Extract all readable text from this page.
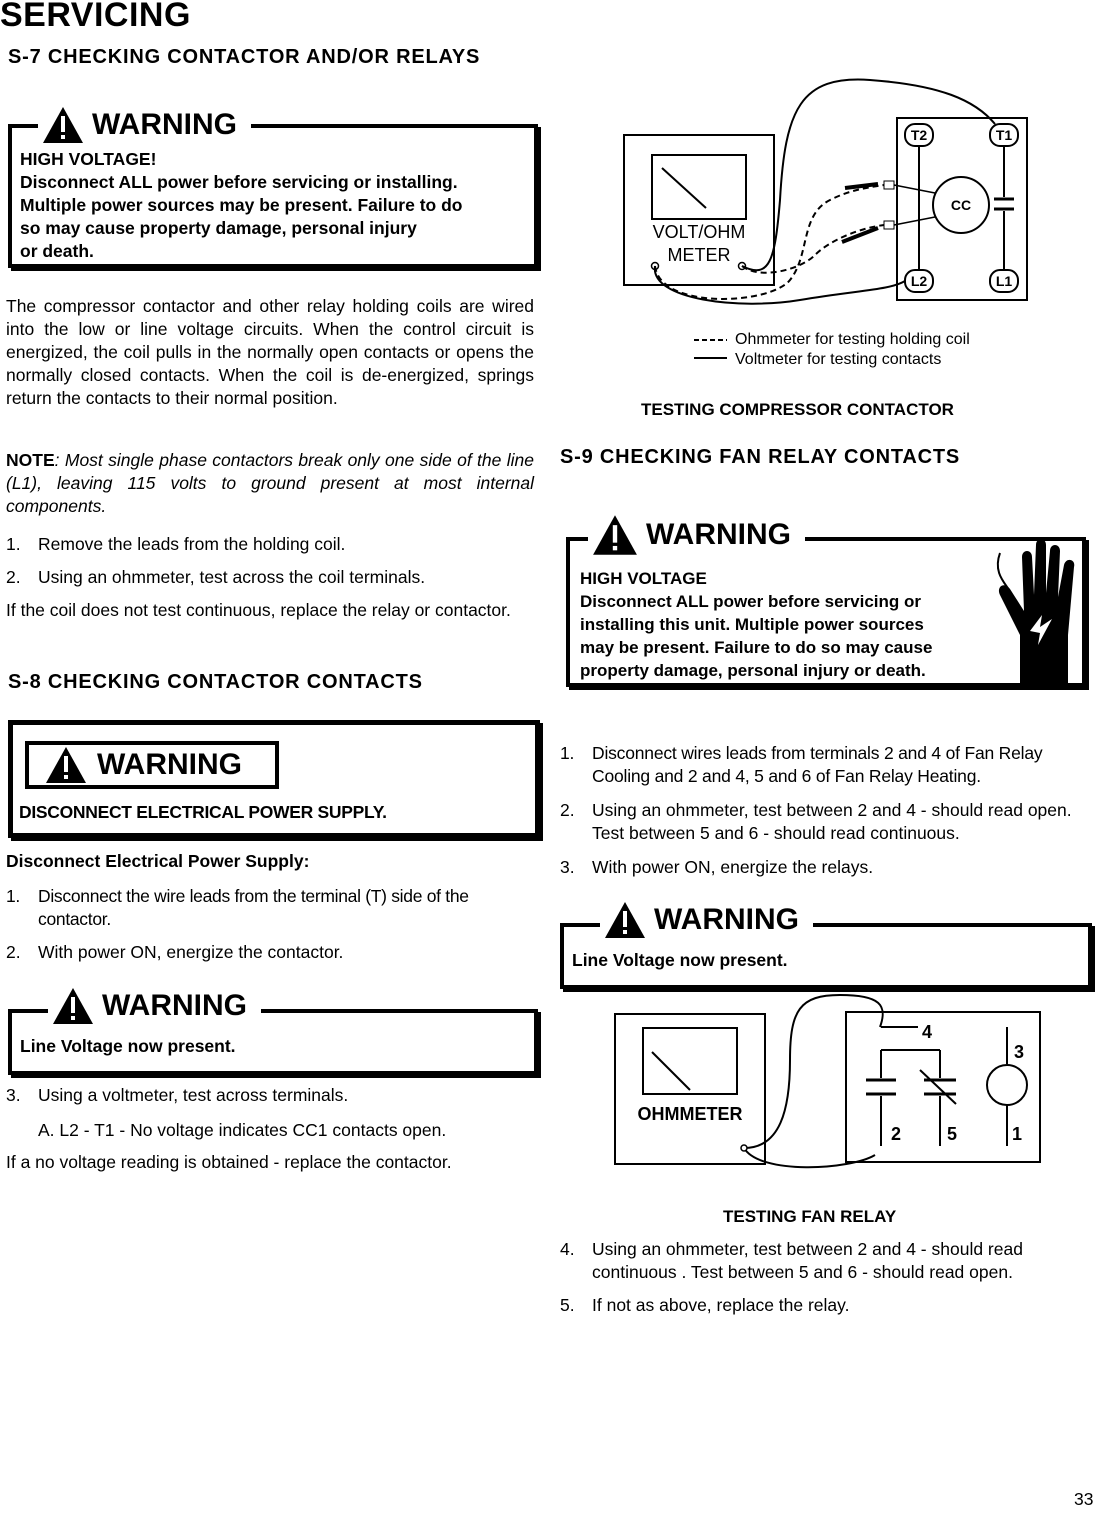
SERVICING
S-7 CHECKING CONTACTOR AND/OR RELAYS
WARNING
HIGH VOLTAGE!
Disconnect ALL power before servicing or installing.
Multiple power sources may be present. Failure to do
so may cause property damage, personal injury
or death.

The compressor contactor and other relay holding coils are wired into the low or line voltage circuits. When the control circuit is energized, the coil pulls in the normally open contacts or opens the normally closed contacts. When the coil is de-energized, springs return the contacts to their normal position.

NOTE: Most single phase contactors break only one side of the line (L1), leaving 115 volts to ground present at most internal components.

1. Remove the leads from the holding coil.
2. Using an ohmmeter, test across the coil terminals.

If the coil does not test continuous, replace the relay or contactor.

S-8 CHECKING CONTACTOR CONTACTS
WARNING
DISCONNECT ELECTRICAL POWER SUPPLY.
Disconnect Electrical Power Supply:
1. Disconnect the wire leads from the terminal (T) side of the contactor.
2. With power ON, energize the contactor.
WARNING
Line Voltage now present.
3. Using a voltmeter, test across terminals.
A. L2 - T1 - No voltage indicates CC1 contacts open.
If a no voltage reading is obtained - replace the contactor.
VOLT/OHM
METER
T2	T1
L2	L1
CC
Ohmmeter for testing holding coil
Voltmeter for testing contacts
TESTING COMPRESSOR CONTACTOR
S-9 CHECKING FAN RELAY CONTACTS
WARNING
HIGH VOLTAGE
Disconnect ALL power before servicing or
installing this unit. Multiple power sources
may be present. Failure to do so may cause
property damage, personal injury or death.
1. Disconnect wires leads from terminals 2 and 4 of Fan Relay Cooling and 2 and 4, 5 and 6 of Fan Relay Heating.
2. Using an ohmmeter, test between 2 and 4 - should read open. Test between 5 and 6 - should read continuous.
3. With power ON, energize the relays.
WARNING
Line Voltage now present.
OHMMETER
4
2	5
3
1
TESTING FAN RELAY
4. Using an ohmmeter, test between 2 and 4 - should read continuous . Test between 5 and 6 - should read open.
5. If not as above, replace the relay.
33
